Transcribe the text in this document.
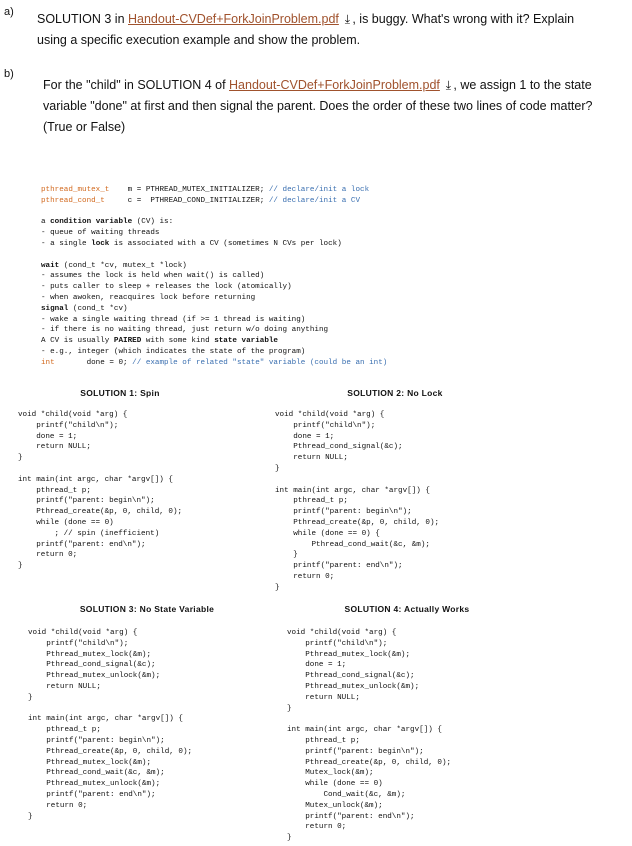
a) SOLUTION 3 in Handout-CVDef+ForkJoinProblem.pdf ⤓ , is buggy. What's wrong with it? Explain
using a specific execution example and show the problem.
b)
For the "child" in SOLUTION 4 of Handout-CVDef+ForkJoinProblem.pdf ⤓ , we assign 1 to the state
variable "done" at first and then signal the parent. Does the order of these two lines of code matter?
(True or False)
pthread_mutex_t    m = PTHREAD_MUTEX_INITIALIZER; // declare/init a lock
pthread_cond_t     c =  PTHREAD_COND_INITIALIZER; // declare/init a CV

a condition variable (CV) is:
- queue of waiting threads
- a single lock is associated with a CV (sometimes N CVs per lock)

wait (cond_t *cv, mutex_t *lock)
- assumes the lock is held when wait() is called)
- puts caller to sleep + releases the lock (atomically)
- when awoken, reacquires lock before returning
signal (cond_t *cv)
- wake a single waiting thread (if >= 1 thread is waiting)
- if there is no waiting thread, just return w/o doing anything
A CV is usually PAIRED with some kind state variable
- e.g., integer (which indicates the state of the program)
int       done = 0; // example of related "state" variable (could be an int)
SOLUTION 1: Spin
void *child(void *arg) {
printf("child\n");
done = 1;
return NULL;
}

int main(int argc, char *argv[]) {
pthread_t p;
printf("parent: begin\n");
Pthread_create(&p, 0, child, 0);
while (done == 0)
; // spin (inefficient)
printf("parent: end\n");
return 0;
}
SOLUTION 2: No Lock
void *child(void *arg) {
printf("child\n");
done = 1;
Pthread_cond_signal(&c);
return NULL;
}

int main(int argc, char *argv[]) {
pthread_t p;
printf("parent: begin\n");
Pthread_create(&p, 0, child, 0);
while (done == 0) {
Pthread_cond_wait(&c, &m);
}
printf("parent: end\n");
return 0;
}
SOLUTION 3: No State Variable
void *child(void *arg) {
printf("child\n");
Pthread_mutex_lock(&m);
Pthread_cond_signal(&c);
Pthread_mutex_unlock(&m);
return NULL;
}

int main(int argc, char *argv[]) {
pthread_t p;
printf("parent: begin\n");
Pthread_create(&p, 0, child, 0);
Pthread_mutex_lock(&m);
Pthread_cond_wait(&c, &m);
Pthread_mutex_unlock(&m);
printf("parent: end\n");
return 0;
}
SOLUTION 4: Actually Works
void *child(void *arg) {
printf("child\n");
Pthread_mutex_lock(&m);
done = 1;
Pthread_cond_signal(&c);
Pthread_mutex_unlock(&m);
return NULL;
}

int main(int argc, char *argv[]) {
pthread_t p;
printf("parent: begin\n");
Pthread_create(&p, 0, child, 0);
Mutex_lock(&m);
while (done == 0)
Cond_wait(&c, &m);
Mutex_unlock(&m);
printf("parent: end\n");
return 0;
}
